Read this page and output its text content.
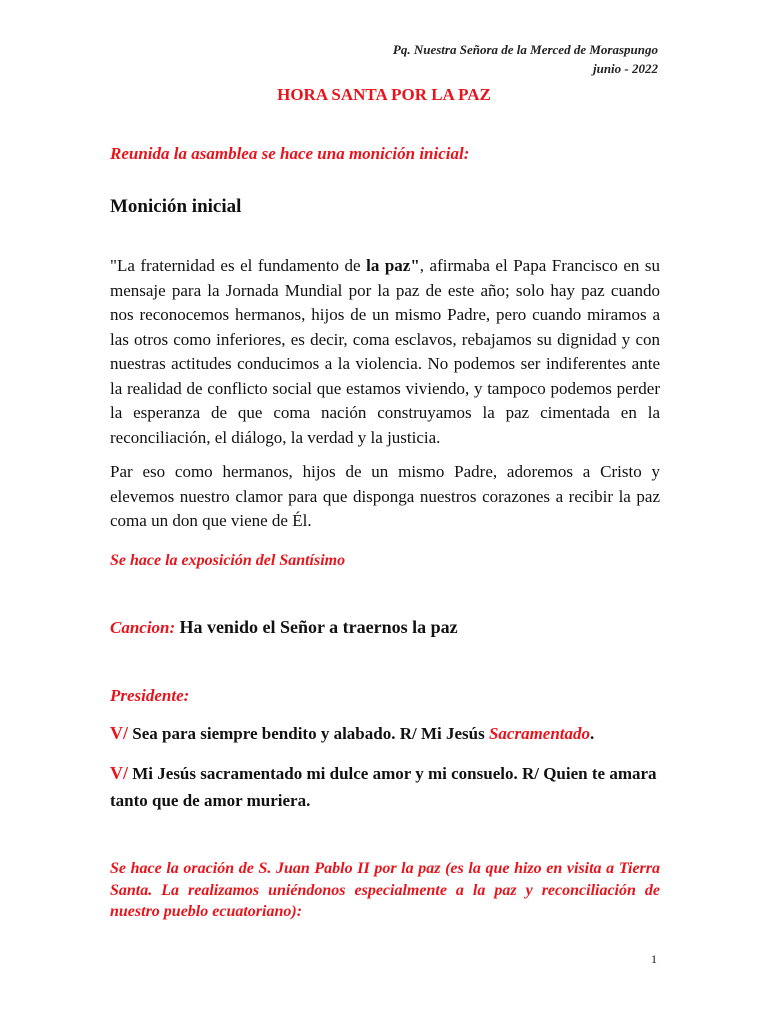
Pq. Nuestra Señora de la Merced de Moraspungo
junio - 2022
HORA SANTA POR LA PAZ
Reunida la asamblea se hace una monición inicial:
Monición inicial

"La fraternidad es el fundamento de la paz", afirmaba el Papa Francisco en su mensaje para la Jornada Mundial por la paz de este año; solo hay paz cuando nos reconocemos hermanos, hijos de un mismo Padre, pero cuando miramos a las otros como inferiores, es decir, coma esclavos, rebajamos su dignidad y con nuestras actitudes conducimos a la violencia. No podemos ser indiferentes ante la realidad de conflicto social que estamos viviendo, y tampoco podemos perder la esperanza de que coma nación construyamos la paz cimentada en la reconciliación, el diálogo, la verdad y la justicia.

Par eso como hermanos, hijos de un mismo Padre, adoremos a Cristo y elevemos nuestro clamor para que disponga nuestros corazones a recibir la paz coma un don que viene de Él.

Se hace la exposición del Santísimo
Cancion: Ha venido el Señor a traernos la paz
Presidente:
V/ Sea para siempre bendito y alabado. R/ Mi Jesús Sacramentado.
V/ Mi Jesús sacramentado mi dulce amor y mi consuelo. R/ Quien te amara tanto que de amor muriera.
Se hace la oración de S. Juan Pablo II por la paz (es la que hizo en visita a Tierra Santa. La realizamos uniéndonos especialmente a la paz y reconciliación de nuestro pueblo ecuatoriano):
1
